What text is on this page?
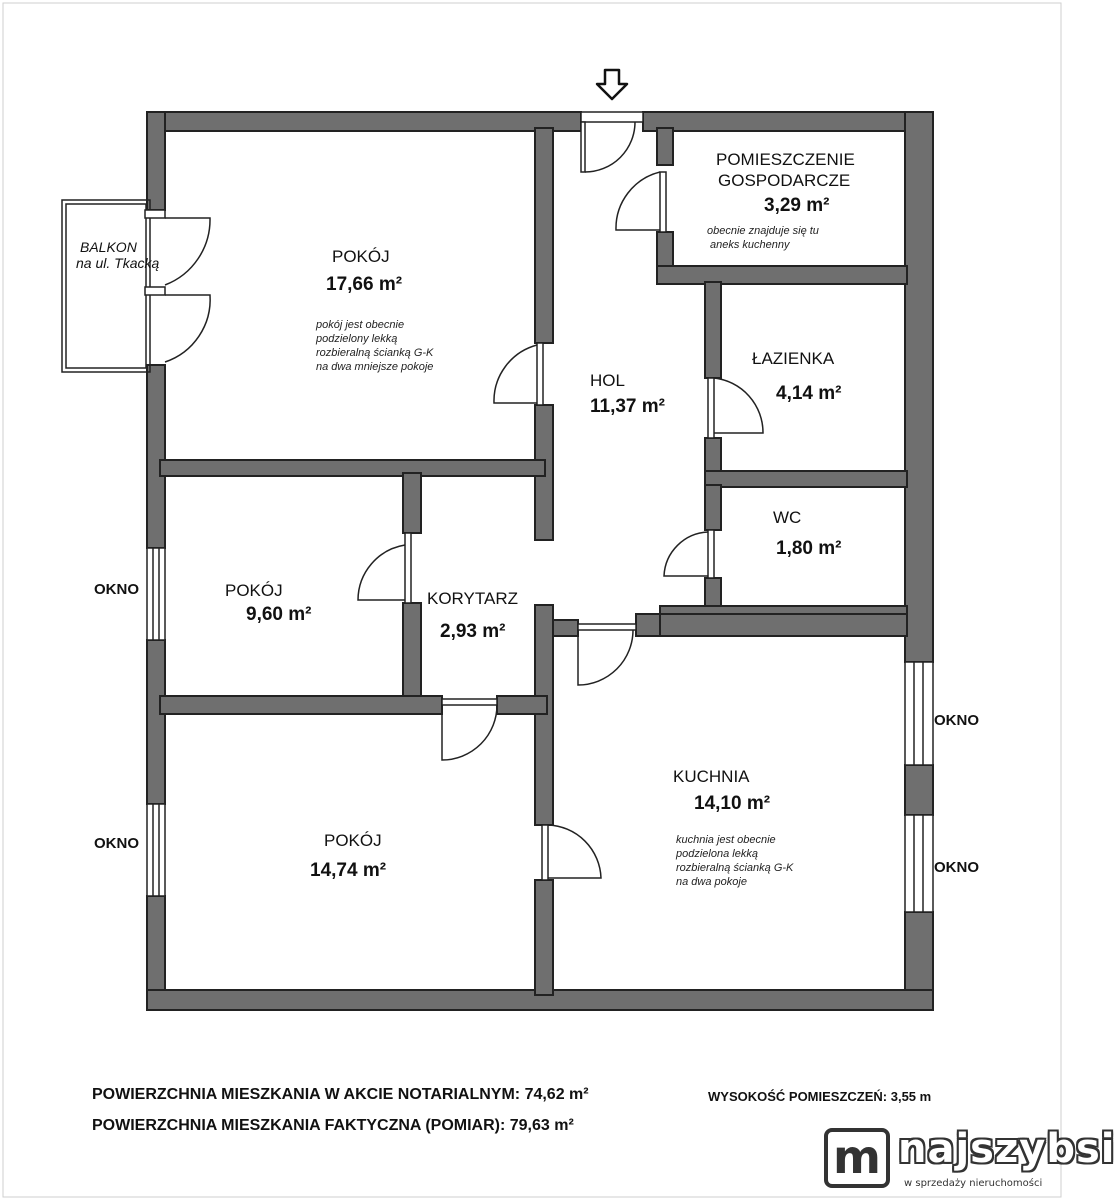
POKÓJ
17,66 m²
pokój jest obecnie
podzielony lekką
rozbieralną ścianką G-K
na dwa mniejsze pokoje
HOL
11,37 m²
POMIESZCZENIE
GOSPODARCZE
3,29 m²
obecnie znajduje się tu
aneks kuchenny
ŁAZIENKA
4,14 m²
WC
1,80 m²
POKÓJ
9,60 m²
KORYTARZ
2,93 m²
KUCHNIA
14,10 m²
kuchnia jest obecnie
podzielona lekką
rozbieralną ścianką G-K
na dwa pokoje
POKÓJ
14,74 m²
BALKON
na ul. Tkacką
OKNO
OKNO
OKNO
OKNO
POWIERZCHNIA MIESZKANIA W AKCIE NOTARIALNYM: 74,62 m²
POWIERZCHNIA MIESZKANIA FAKTYCZNA (POMIAR): 79,63 m²
WYSOKOŚĆ POMIESZCZEŃ: 3,55 m
m najszybsi
w sprzedaży nieruchomości
